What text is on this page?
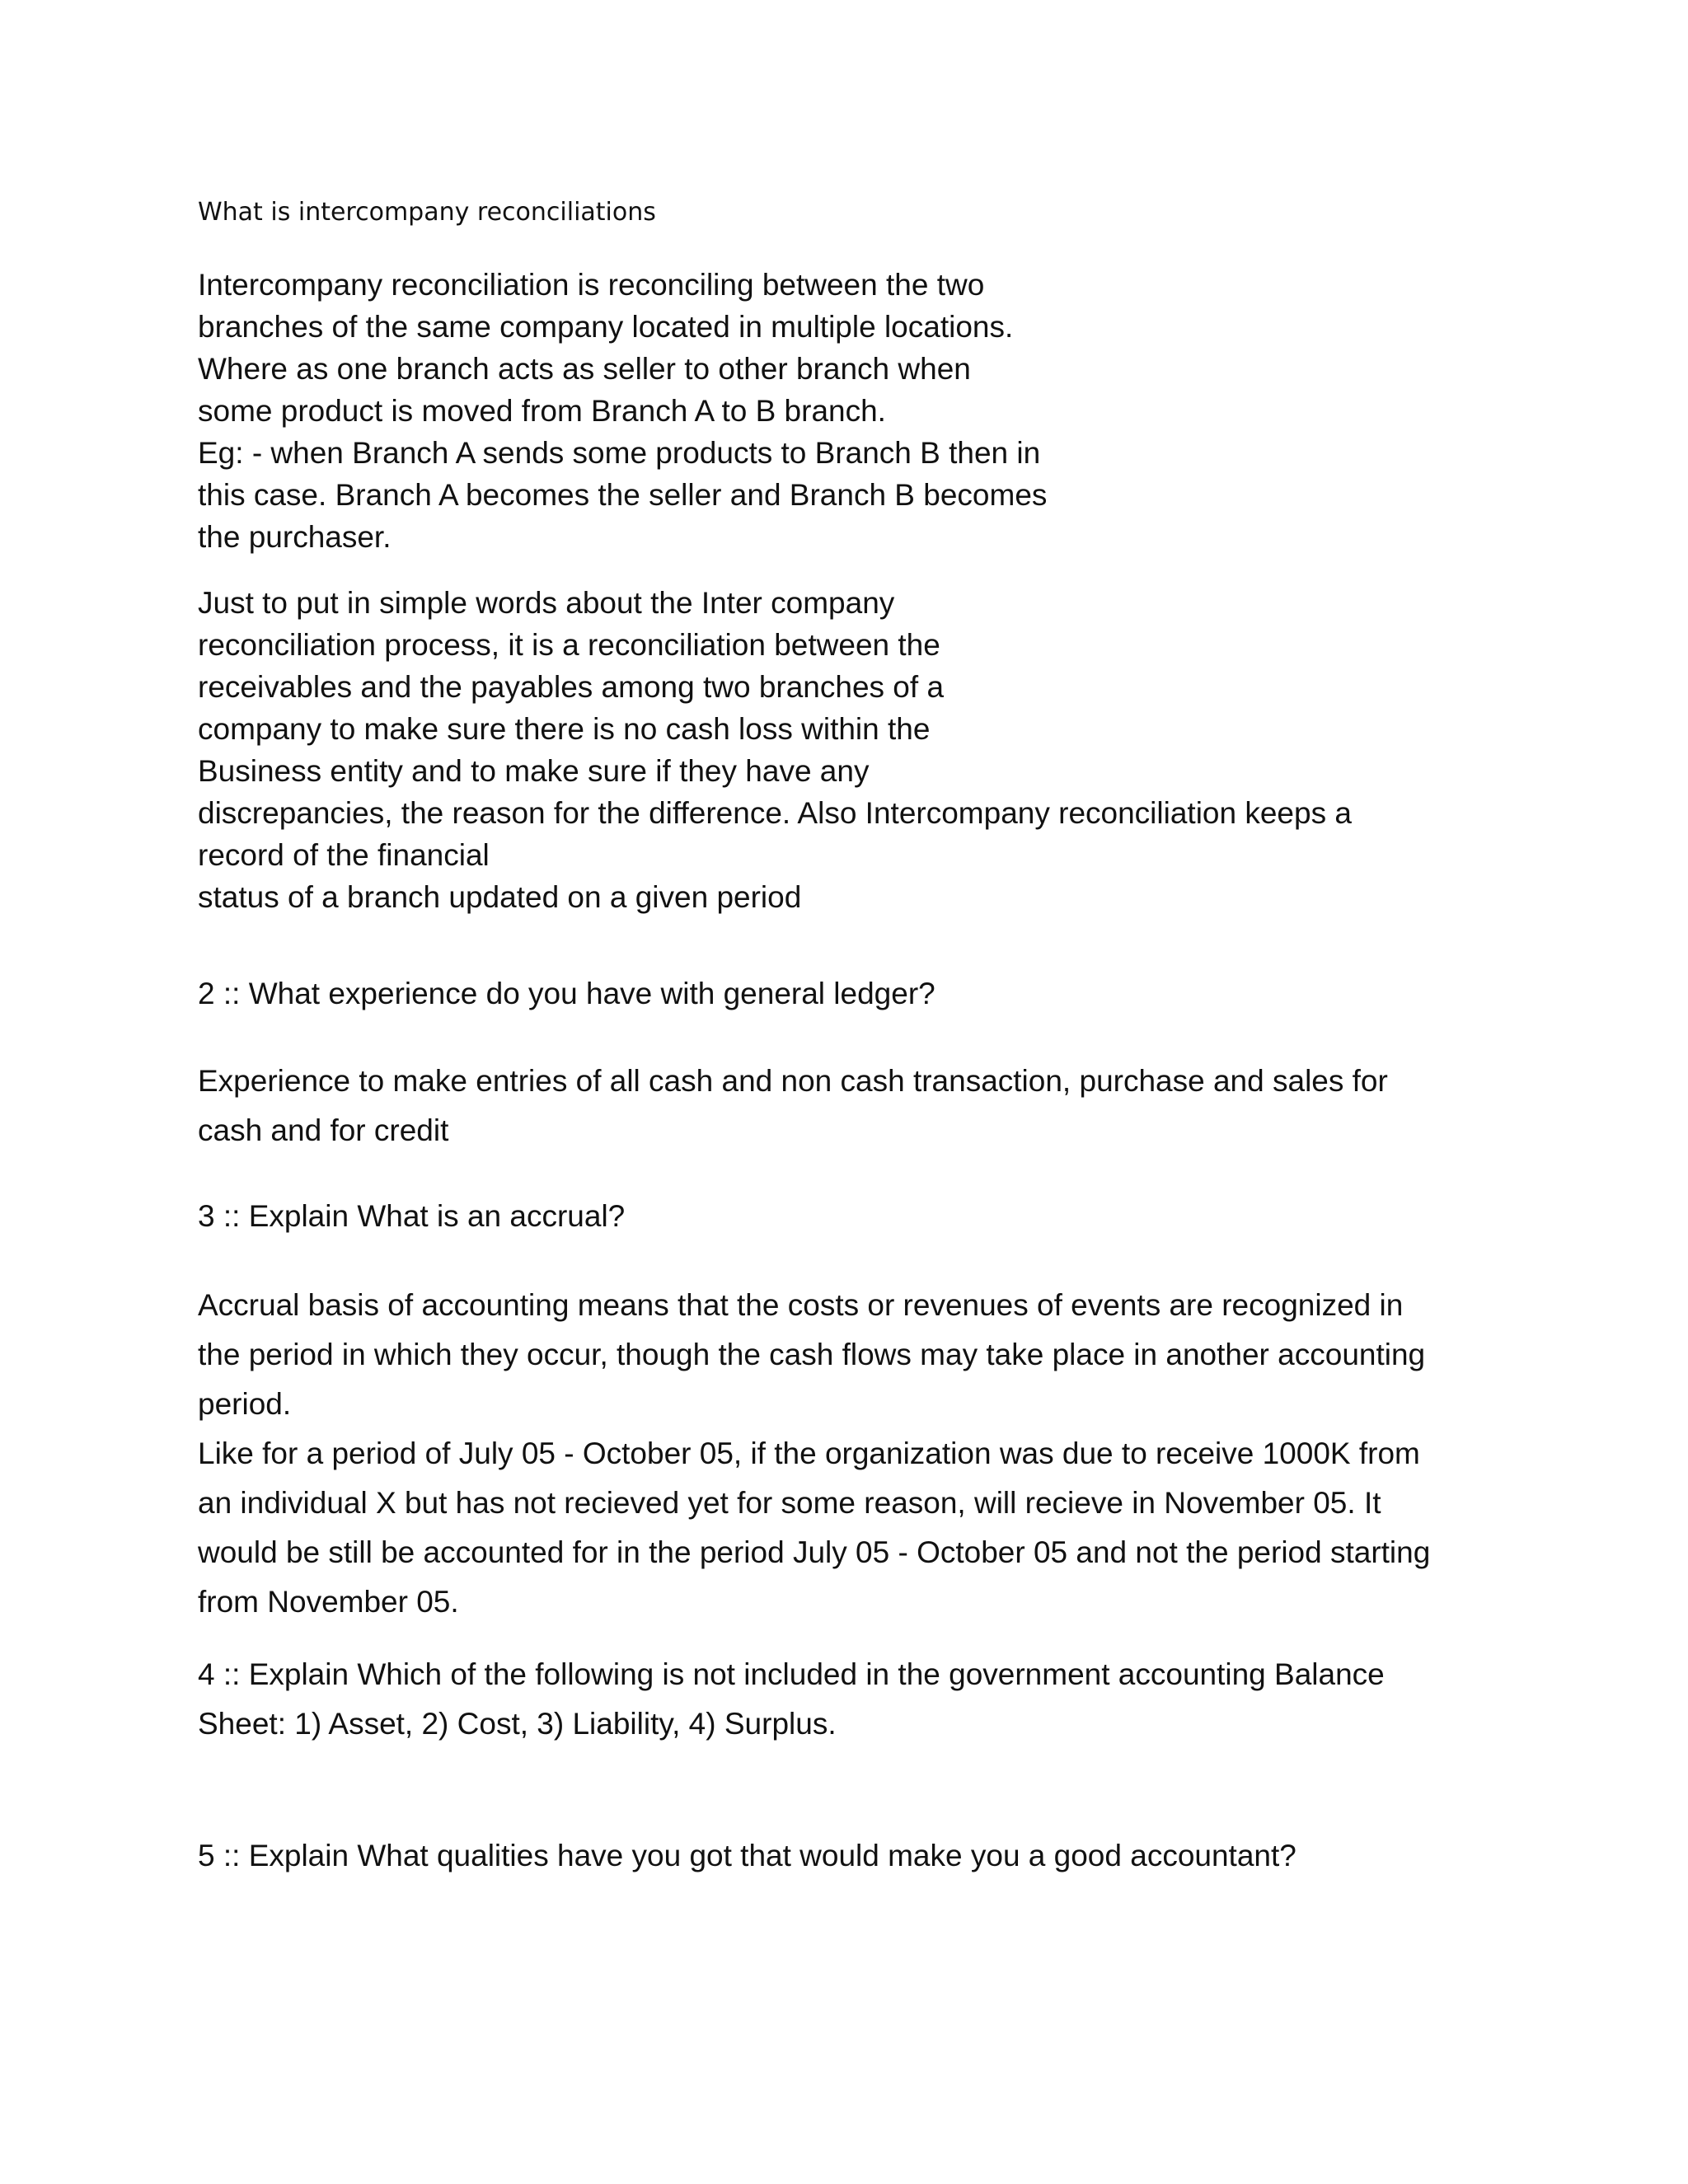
What is intercompany reconciliations
Intercompany reconciliation is reconciling between the two
branches of the same company located in multiple locations.
Where as one branch acts as seller to other branch when
some product is moved from Branch A to B branch.
Eg: - when Branch A sends some products to Branch B then in
this case. Branch A becomes the seller and Branch B becomes
the purchaser.
Just to put in simple words about the Inter company
reconciliation process, it is a reconciliation between the
receivables and the payables among two branches of a
company to make sure there is no cash loss within the
Business entity and to make sure if they have any
discrepancies, the reason for the difference. Also Intercompany reconciliation keeps a
record of the financial
status of a branch updated on a given period
2 :: What experience do you have with general ledger?
Experience to make entries of all cash and non cash transaction, purchase and sales for
cash and for credit
3 :: Explain What is an accrual?
Accrual basis of accounting means that the costs or revenues of events are recognized in
the period in which they occur, though the cash flows may take place in another accounting
period.
Like for a period of July 05 - October 05, if the organization was due to receive 1000K from
an individual X but has not recieved yet for some reason, will recieve in November 05. It
would be still be accounted for in the period July 05 - October 05 and not the period starting
from November 05.
4 :: Explain Which of the following is not included in the government accounting Balance
Sheet: 1) Asset, 2) Cost, 3) Liability, 4) Surplus.
5 :: Explain What qualities have you got that would make you a good accountant?
